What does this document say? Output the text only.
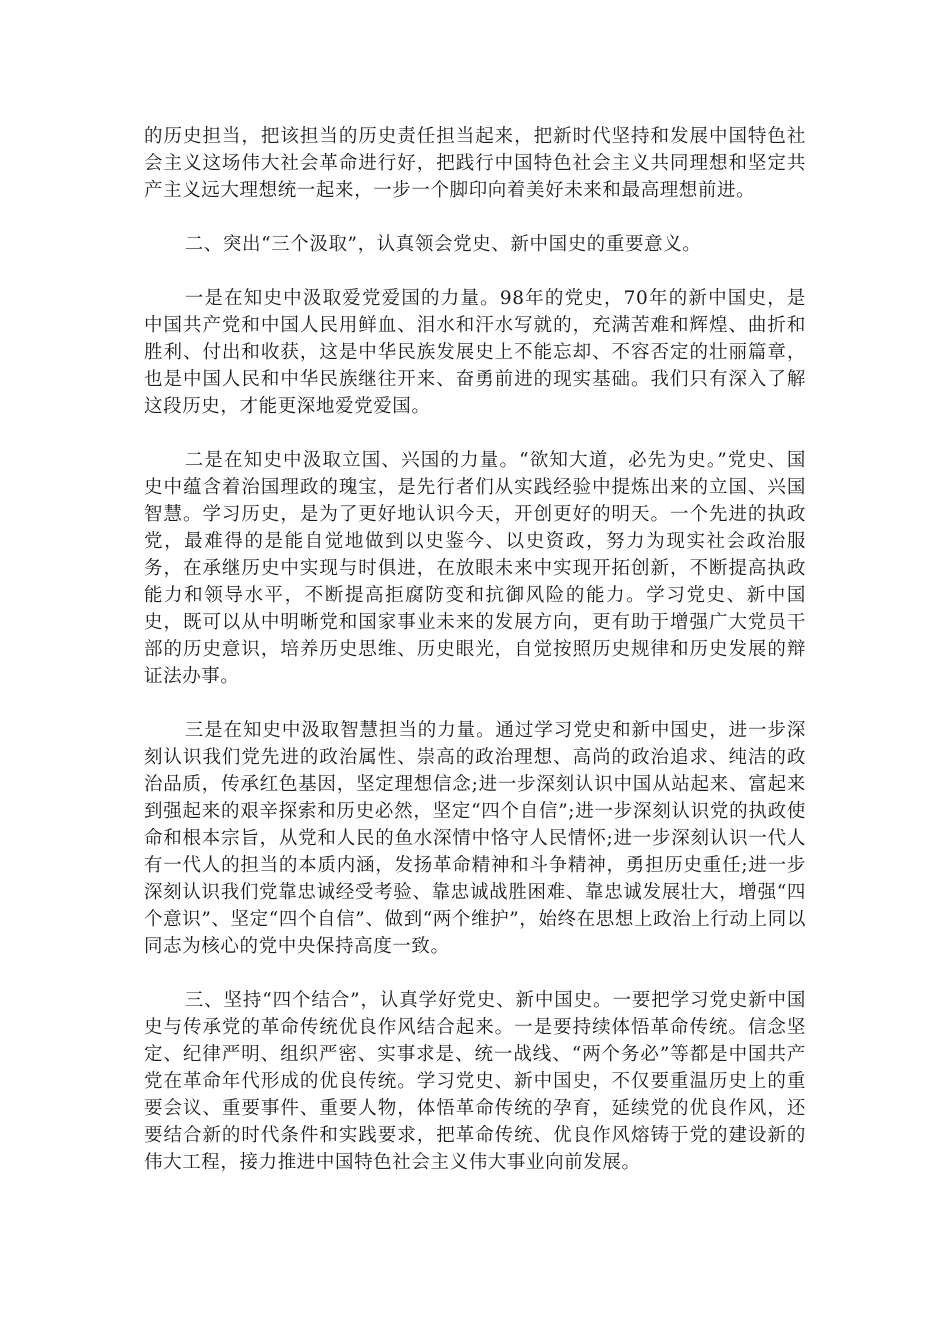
的历史担当，把该担当的历史责任担当起来，把新时代坚持和发展中国特色社会主义这场伟大社会革命进行好，把践行中国特色社会主义共同理想和坚定共产主义远大理想统一起来，一步一个脚印向着美好未来和最高理想前进。

二、突出“三个汲取”，认真领会党史、新中国史的重要意义。

一是在知史中汲取爱党爱国的力量。98年的党史，70年的新中国史，是中国共产党和中国人民用鲜血、泪水和汗水写就的，充满苦难和辉煌、曲折和胜利、付出和收获，这是中华民族发展史上不能忘却、不容否定的壮丽篇章，也是中国人民和中华民族继往开来、奋勇前进的现实基础。我们只有深入了解这段历史，才能更深地爱党爱国。

二是在知史中汲取立国、兴国的力量。“欲知大道，必先为史。”党史、国史中蕴含着治国理政的瑰宝，是先行者们从实践经验中提炼出来的立国、兴国智慧。学习历史，是为了更好地认识今天，开创更好的明天。一个先进的执政党，最难得的是能自觉地做到以史鉴今、以史资政，努力为现实社会政治服务，在承继历史中实现与时俱进，在放眼未来中实现开拓创新，不断提高执政能力和领导水平，不断提高拒腐防变和抗御风险的能力。学习党史、新中国史，既可以从中明晰党和国家事业未来的发展方向，更有助于增强广大党员干部的历史意识，培养历史思维、历史眼光，自觉按照历史规律和历史发展的辩证法办事。

三是在知史中汲取智慧担当的力量。通过学习党史和新中国史，进一步深刻认识我们党先进的政治属性、崇高的政治理想、高尚的政治追求、纯洁的政治品质，传承红色基因，坚定理想信念;进一步深刻认识中国从站起来、富起来到强起来的艰辛探索和历史必然，坚定“四个自信”;进一步深刻认识党的执政使命和根本宗旨，从党和人民的鱼水深情中恪守人民情怀;进一步深刻认识一代人有一代人的担当的本质内涵，发扬革命精神和斗争精神，勇担历史重任;进一步深刻认识我们党靠忠诚经受考验、靠忠诚战胜困难、靠忠诚发展壮大，增强“四个意识”、坚定“四个自信”、做到“两个维护”，始终在思想上政治上行动上同以同志为核心的党中央保持高度一致。

三、坚持“四个结合”，认真学好党史、新中国史。一要把学习党史新中国史与传承党的革命传统优良作风结合起来。一是要持续体悟革命传统。信念坚定、纪律严明、组织严密、实事求是、统一战线、“两个务必”等都是中国共产党在革命年代形成的优良传统。学习党史、新中国史，不仅要重温历史上的重要会议、重要事件、重要人物，体悟革命传统的孕育，延续党的优良作风，还要结合新的时代条件和实践要求，把革命传统、优良作风熔铸于党的建设新的伟大工程，接力推进中国特色社会主义伟大事业向前发展。
